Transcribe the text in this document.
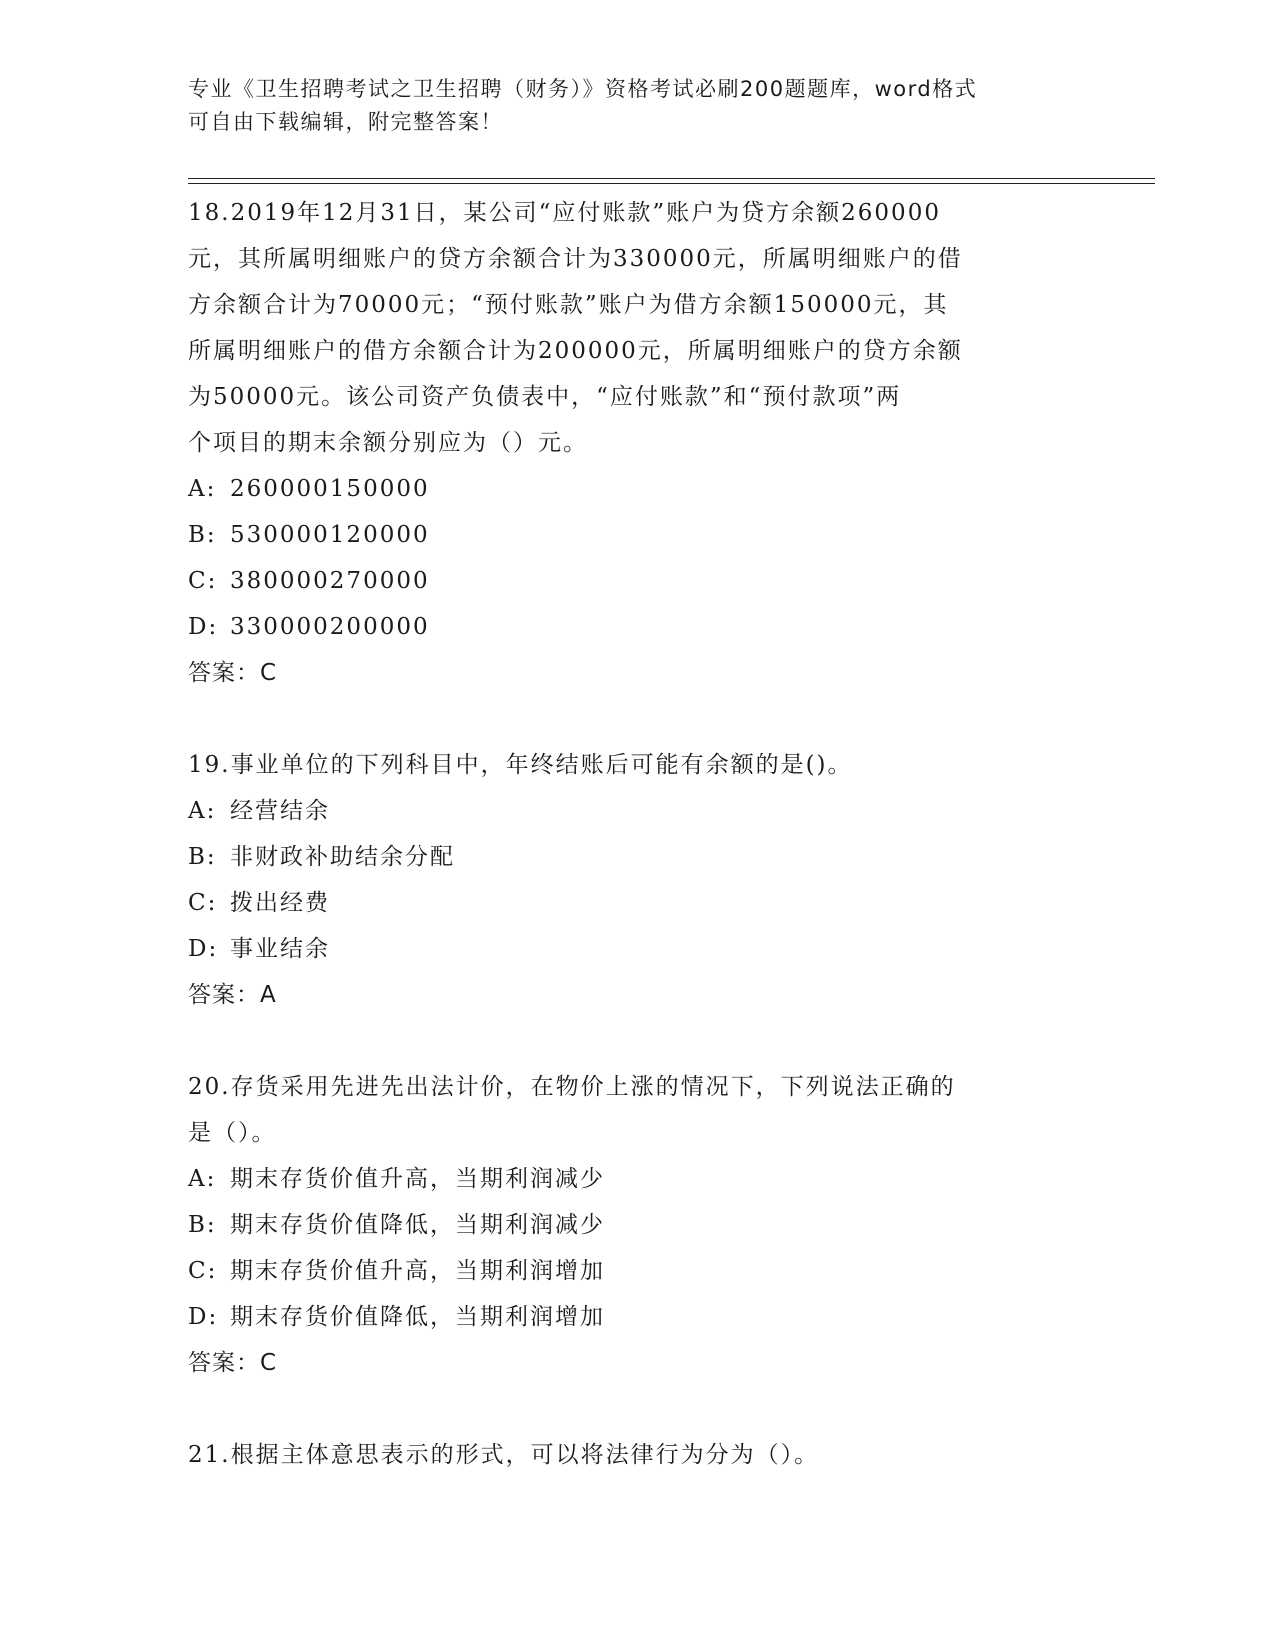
专业《卫生招聘考试之卫生招聘（财务）》资格考试必刷200题题库，word格式
可自由下载编辑，附完整答案！
18.2019年12月31日，某公司“应付账款”账户为贷方余额260000
元，其所属明细账户的贷方余额合计为330000元，所属明细账户的借
方余额合计为70000元；“预付账款”账户为借方余额150000元，其
所属明细账户的借方余额合计为200000元，所属明细账户的贷方余额
为50000元。该公司资产负债表中，“应付账款”和“预付款项”两
个项目的期末余额分别应为（）元。
A: 260000150000
B: 530000120000
C: 380000270000
D: 330000200000
答案：C
19.事业单位的下列科目中，年终结账后可能有余额的是()。
A: 经营结余
B: 非财政补助结余分配
C: 拨出经费
D: 事业结余
答案：A
20.存货采用先进先出法计价，在物价上涨的情况下，下列说法正确的
是（）。
A: 期末存货价值升高，当期利润减少
B: 期末存货价值降低，当期利润减少
C: 期末存货价值升高，当期利润增加
D: 期末存货价值降低，当期利润增加
答案：C
21.根据主体意思表示的形式，可以将法律行为分为（）。
